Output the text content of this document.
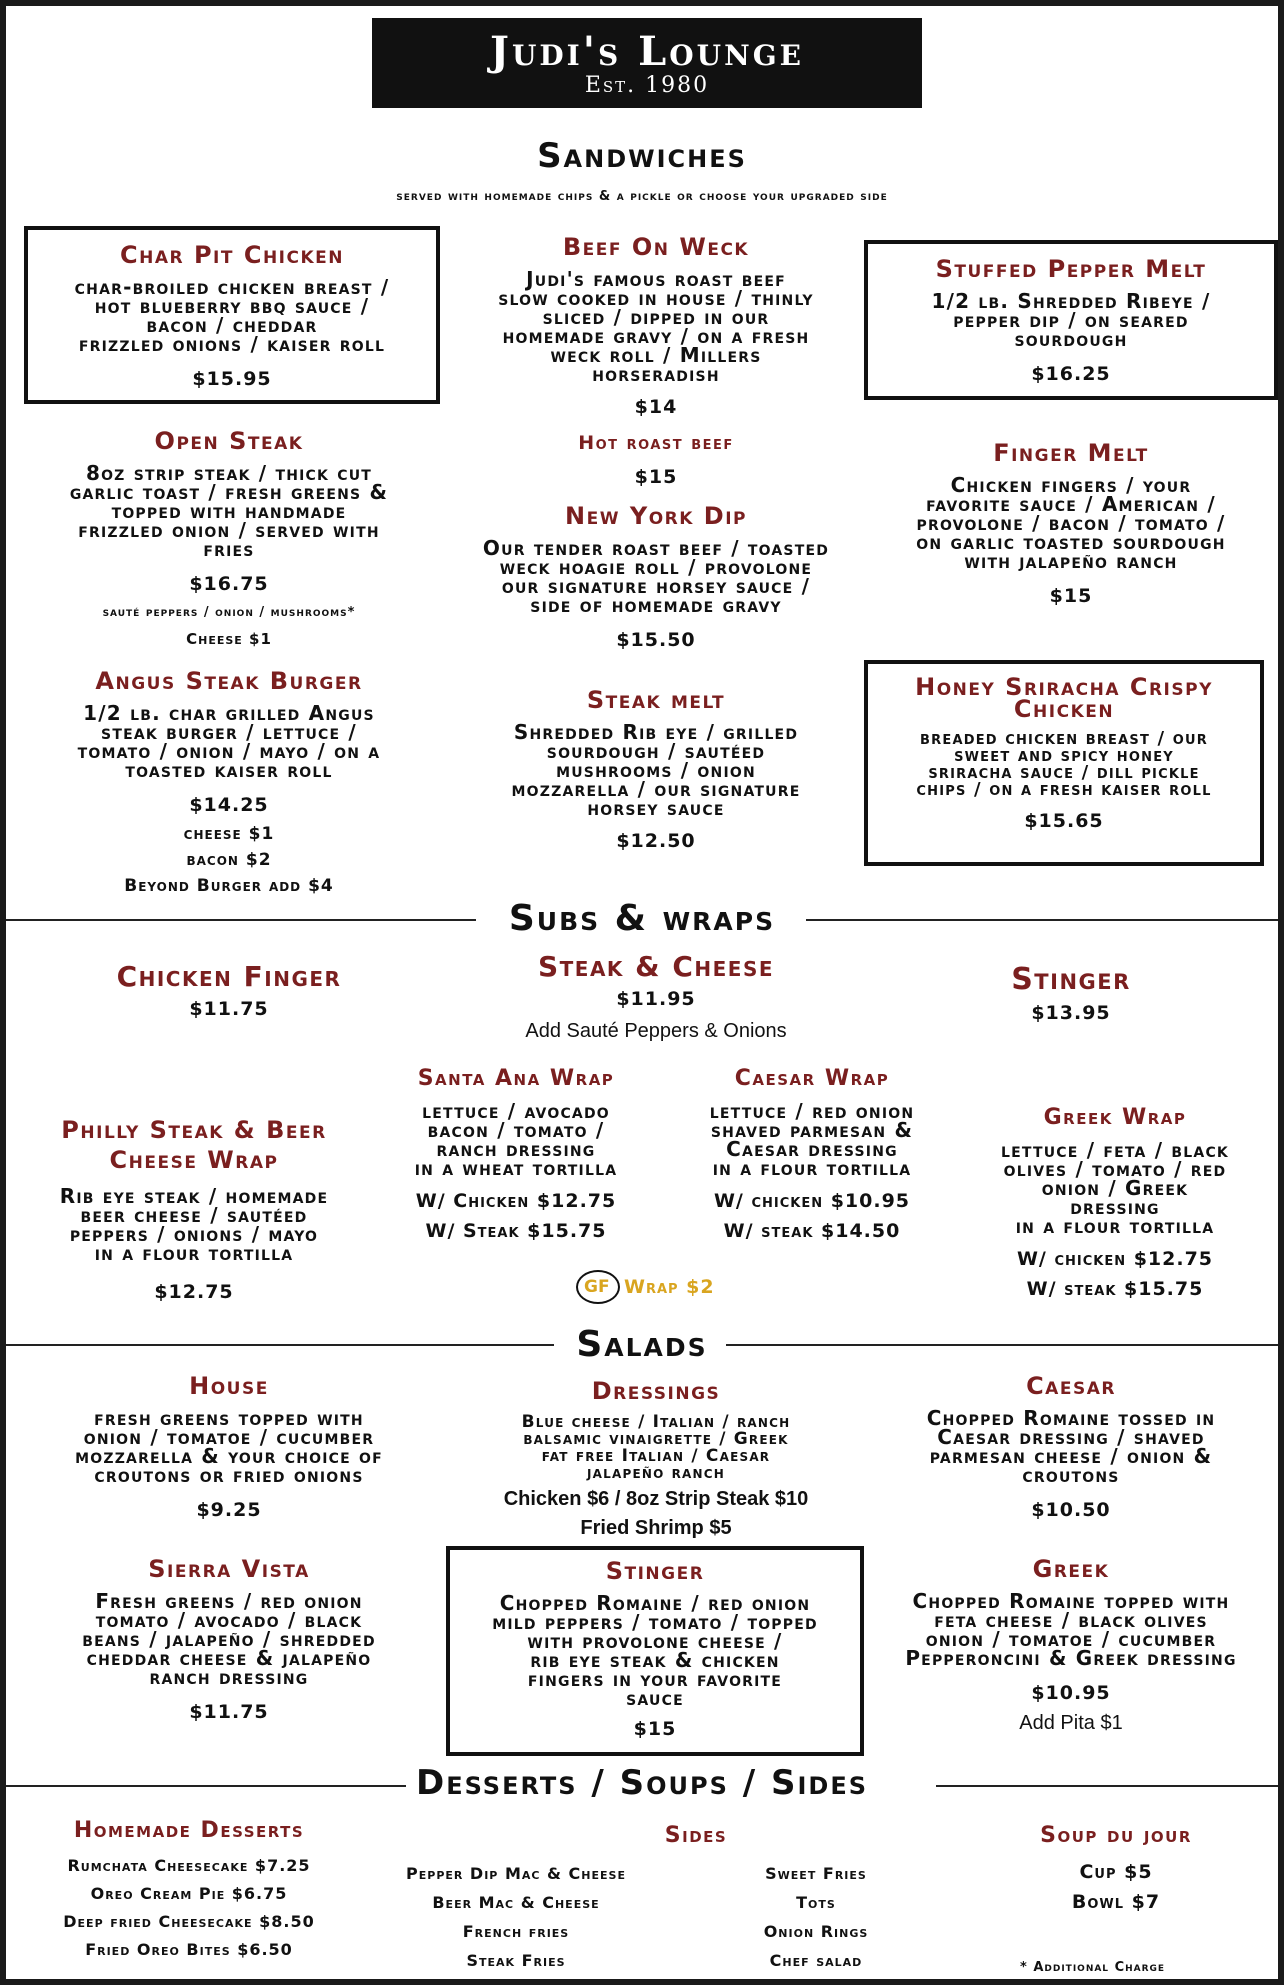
Judi's Lounge
Est. 1980
Sandwiches
served with homemade chips & a pickle or choose your upgraded side
Char Pit Chicken
char-broiled chicken breast /
hot blueberry bbq sauce /
bacon / cheddar
frizzled onions / kaiser roll
$15.95
Beef On Weck
Judi's famous roast beef
slow cooked in house / thinly
sliced / dipped in our
homemade gravy / on a fresh
weck roll / Millers
horseradish
$14
Stuffed Pepper Melt
1/2 lb. Shredded Ribeye /
pepper dip / on seared
sourdough
$16.25
Open Steak
8oz strip steak / thick cut
garlic toast / fresh greens &
topped with handmade
frizzled onion / served with
fries
$16.75
sauté peppers / onion / mushrooms*
Cheese $1
Hot roast beef
$15
New York Dip
Our tender roast beef / toasted
weck hoagie roll / provolone
our signature horsey sauce /
side of homemade gravy
$15.50
Finger Melt
Chicken fingers / your
favorite sauce / American /
provolone / bacon / tomato /
on garlic toasted sourdough
with jalapeño ranch
$15
Angus Steak Burger
1/2 lb. char grilled Angus
steak burger / lettuce /
tomato / onion / mayo / on a
toasted kaiser roll
$14.25
cheese $1
bacon $2
Beyond Burger add $4
Steak melt
Shredded Rib eye / grilled
sourdough / sautéed
mushrooms / onion
mozzarella / our signature
horsey sauce
$12.50
Honey Sriracha Crispy
Chicken
breaded chicken breast / our
sweet and spicy honey
sriracha sauce / dill pickle
chips / on a fresh kaiser roll
$15.65
Subs & wraps
Chicken Finger
$11.75
Steak & Cheese
$11.95
Add Sauté Peppers & Onions
Stinger
$13.95
Philly Steak & Beer
Cheese Wrap
Rib eye steak / homemade
beer cheese / sautéed
peppers / onions / mayo
in a flour tortilla
$12.75
Santa Ana Wrap
lettuce / avocado
bacon / tomato /
ranch dressing
in a wheat tortilla
W/ Chicken $12.75
W/ Steak $15.75
Caesar Wrap
lettuce / red onion
shaved parmesan &
Caesar dressing
in a flour tortilla
W/ chicken $10.95
W/ steak $14.50
Greek Wrap
lettuce / feta / black
olives / tomato / red
onion / Greek
dressing
in a flour tortilla
W/ chicken $12.75
W/ steak $15.75
GF Wrap $2
Salads
House
fresh greens topped with
onion / tomatoe / cucumber
mozzarella & your choice of
croutons or fried onions
$9.25
Dressings
Blue cheese / Italian / ranch
balsamic vinaigrette / Greek
fat free Italian / Caesar
jalapeño ranch
Chicken $6 / 8oz Strip Steak $10
Fried Shrimp $5
Caesar
Chopped Romaine tossed in
Caesar dressing / shaved
parmesan cheese / onion &
croutons
$10.50
Sierra Vista
Fresh greens / red onion
tomato / avocado / black
beans / jalapeño / shredded
cheddar cheese & jalapeño
ranch dressing
$11.75
Stinger
Chopped Romaine / red onion
mild peppers / tomato / topped
with provolone cheese /
rib eye steak & chicken
fingers in your favorite
sauce
$15
Greek
Chopped Romaine topped with
feta cheese / black olives
onion / tomatoe / cucumber
Pepperoncini & Greek dressing
$10.95
Add Pita $1
Desserts / Soups / Sides
Homemade Desserts
Rumchata Cheesecake $7.25
Oreo Cream Pie $6.75
Deep fried Cheesecake $8.50
Fried Oreo Bites $6.50
Sides
Pepper Dip Mac & Cheese
Beer Mac & Cheese
French fries
Steak Fries
Sweet Fries
Tots
Onion Rings
Chef salad
Soup du jour
Cup $5
Bowl $7
* Additional Charge
